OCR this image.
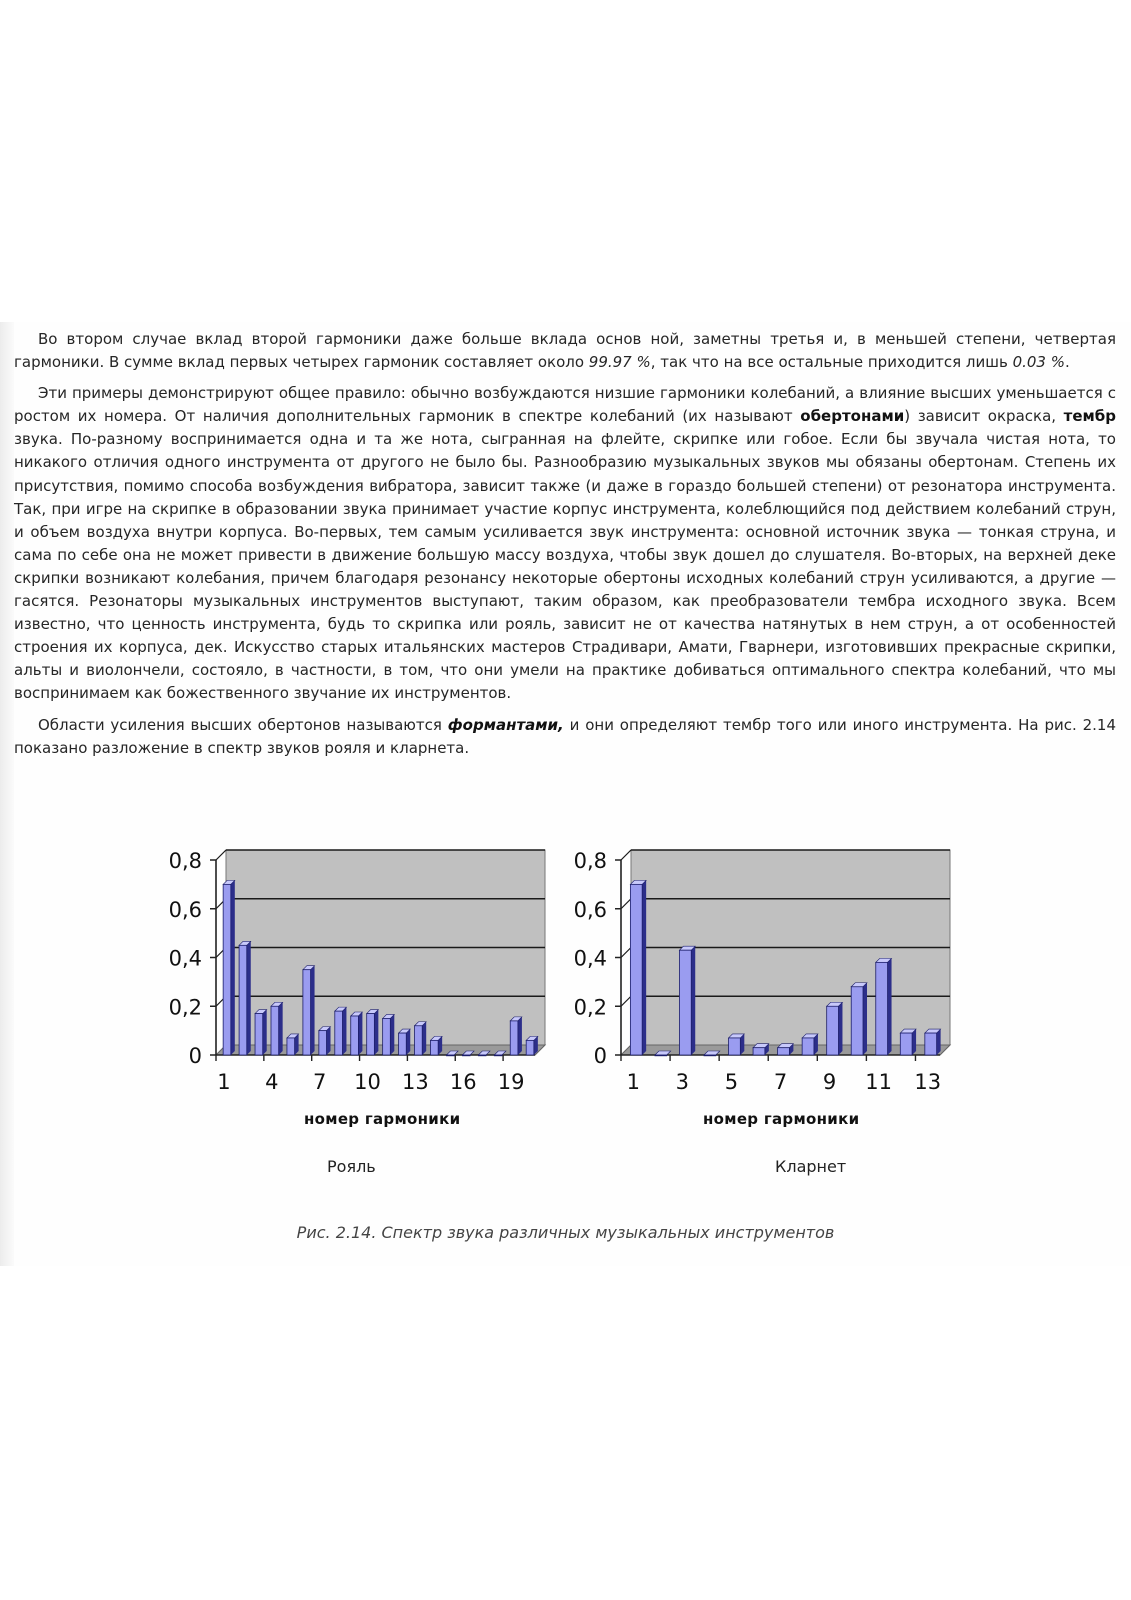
Во втором случае вклад второй гармоники даже больше вклада основ ной, заметны третья и, в меньшей степени, четвертая гармоники. В сумме вклад первых четырех гармоник составляет около 99.97 %, так что на все остальные приходится лишь 0.03 %.

Эти примеры демонстрируют общее правило: обычно возбуждаются низшие гармоники колебаний, а влияние высших уменьшается с ростом их номера. От наличия дополнительных гармоник в спектре колебаний (их называют обертонами) зависит окраска, тембр звука. По-разному воспринимается одна и та же нота, сыгранная на флейте, скрипке или гобое. Если бы звучала чистая нота, то никакого отличия одного инструмента от другого не было бы. Разнообразию музыкальных звуков мы обязаны обертонам. Степень их присутствия, помимо способа возбуждения вибратора, зависит также (и даже в гораздо большей степени) от резонатора инструмента. Так, при игре на скрипке в образовании звука принимает участие корпус инструмента, колеблющийся под действием колебаний струн, и объем воздуха внутри корпуса. Во-первых, тем самым усиливается звук инструмента: основной источник звука — тонкая струна, и сама по себе она не может привести в движение большую массу воздуха, чтобы звук дошел до слушателя. Во-вторых, на верхней деке скрипки возникают колебания, причем благодаря резонансу некоторые обертоны исходных колебаний струн усиливаются, а другие — гасятся. Резонаторы музыкальных инструментов выступают, таким образом, как преобразователи тембра исходного звука. Всем известно, что ценность инструмента, будь то скрипка или рояль, зависит не от качества натянутых в нем струн, а от особенностей строения их корпуса, дек. Искусство старых итальянских мастеров Страдивари, Амати, Гварнери, изготовивших прекрасные скрипки, альты и виолончели, состояло, в частности, в том, что они умели на практике добиваться оптимального спектра колебаний, что мы воспринимаем как божественного звучание их инструментов.

Области усиления высших обертонов называются формантами, и они определяют тембр того или иного инструмента. На рис. 2.14 показано разложение в спектр звуков рояля и кларнета.

0
0,2
0,4
0,6
0,8
1 4 7 10 13 16 19
0
0,2
0,4
0,6
0,8
1 3 5 7 9 11 13
номер гармоники	номер гармоники
Рояль	Кларнет
Рис. 2.14. Спектр звука различных музыкальных инструментов
